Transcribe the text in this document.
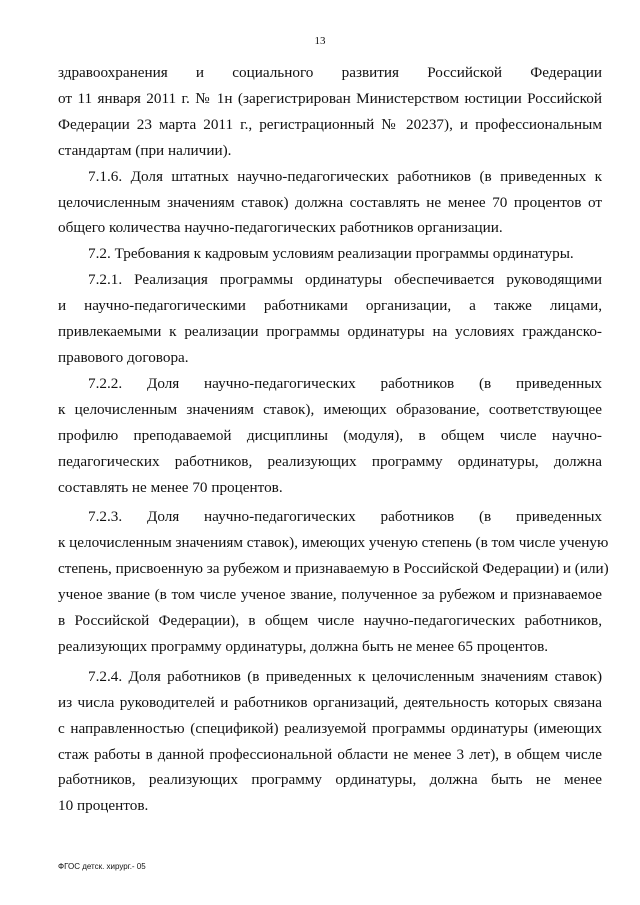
13
здравоохранения и социального развития Российской Федерации
от 11 января 2011 г. № 1н (зарегистрирован Министерством юстиции Российской
Федерации 23 марта 2011 г., регистрационный № 20237), и профессиональным
стандартам (при наличии).
7.1.6. Доля штатных научно-педагогических работников (в приведенных к
целочисленным значениям ставок) должна составлять не менее 70 процентов от
общего количества научно-педагогических работников организации.
7.2. Требования к кадровым условиям реализации программы ординатуры.
7.2.1. Реализация программы ординатуры обеспечивается руководящими
и научно-педагогическими работниками организации, а также лицами,
привлекаемыми к реализации программы ординатуры на условиях гражданско-
правового договора.
7.2.2. Доля научно-педагогических работников (в приведенных
к целочисленным значениям ставок), имеющих образование, соответствующее
профилю преподаваемой дисциплины (модуля), в общем числе научно-
педагогических работников, реализующих программу ординатуры, должна
составлять не менее 70 процентов.
7.2.3. Доля научно-педагогических работников (в приведенных
к целочисленным значениям ставок), имеющих ученую степень (в том числе ученую
степень, присвоенную за рубежом и признаваемую в Российской Федерации) и (или)
ученое звание (в том числе ученое звание, полученное за рубежом и признаваемое
в Российской Федерации), в общем числе научно-педагогических работников,
реализующих программу ординатуры, должна быть не менее 65 процентов.
7.2.4. Доля работников (в приведенных к целочисленным значениям ставок)
из числа руководителей и работников организаций, деятельность которых связана
с направленностью (спецификой) реализуемой программы ординатуры (имеющих
стаж работы в данной профессиональной области не менее 3 лет), в общем числе
работников, реализующих программу ординатуры, должна быть не менее
10 процентов.
ФГОС детск. хирург.- 05
